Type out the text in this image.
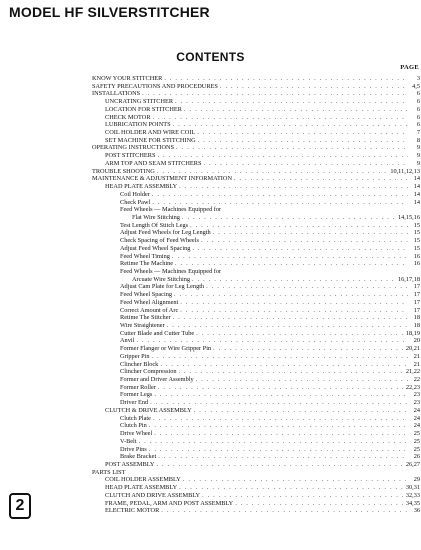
MODEL HF SILVERSTITCHER
CONTENTS
PAGE
KNOW YOUR STITCHER . . .	3
SAFETY PRECAUTIONS AND PROCEDURES . . .	4,5
INSTALLATIONS . . .	6
UNCRATING STITCHER . . .	6
LOCATION FOR STITCHER . . .	6
CHECK MOTOR . . .	6
LUBRICATION POINTS . . .	6
COIL HOLDER AND WIRE COIL . . .	7
SET MACHINE FOR STITCHING . . .	8
OPERATING INSTRUCTIONS . . .	9
POST STITCHERS . . .	9
ARM TOP AND SEAM STITCHERS . . .	9
TROUBLE SHOOTING . . .	10,11,12,13
MAINTENANCE & ADJUSTMENT INFORMATION . . .	14
HEAD PLATE ASSEMBLY . . .	14
Coil Holder . . .	14
Check Pawl . . .	14
Feed Wheels — Machines Equipped for
Flat Wire Stitching . . .	14,15,16
Test Length Of Stitch Legs . . .	15
Adjust Feed Wheels for Leg Length . . .	15
Check Spacing of Feed Wheels . . .	15
Adjust Feed Wheel Spacing . . .	15
Feed Wheel Timing . . .	16
Retime The Machine . . .	16
Feed Wheels — Machines Equipped for
Arcuate Wire Stitching . . .	16,17,18
Adjust Cam Plate for Leg Length . . .	17
Feed Wheel Spacing . . .	17
Feed Wheel Alignment . . .	17
Correct Amount of Arc . . .	17
Retime The Stitcher . . .	18
Wire Straightener . . .	18
Cutter Blade and Cutter Tube . . .	18,19
Anvil . . .	20
Former Flanger or Wire Gripper Pin . . .	20,21
Gripper Pin . . .	21
Clincher Block . . .	21
Clincher Compression . . .	21,22
Former and Driver Assembly . . .	22
Former Roller . . .	22,23
Former Legs . . .	23
Driver End . . .	23
CLUTCH & DRIVE ASSEMBLY . . .	24
Clutch Plate . . .	24
Clutch Pin . . .	24
Drive Wheel . . .	25
V-Belt . . .	25
Drive Pins . . .	25
Brake Bracket . . .	26
POST ASSEMBLY . . .	26,27
PARTS LIST
COIL HOLDER ASSEMBLY . . .	29
HEAD PLATE ASSEMBLY . . .	30,31
CLUTCH AND DRIVE ASSEMBLY . . .	32,33
FRAME, PEDAL, ARM AND POST ASSEMBLY . . .	34,35
ELECTRIC MOTOR . . .	36
2
